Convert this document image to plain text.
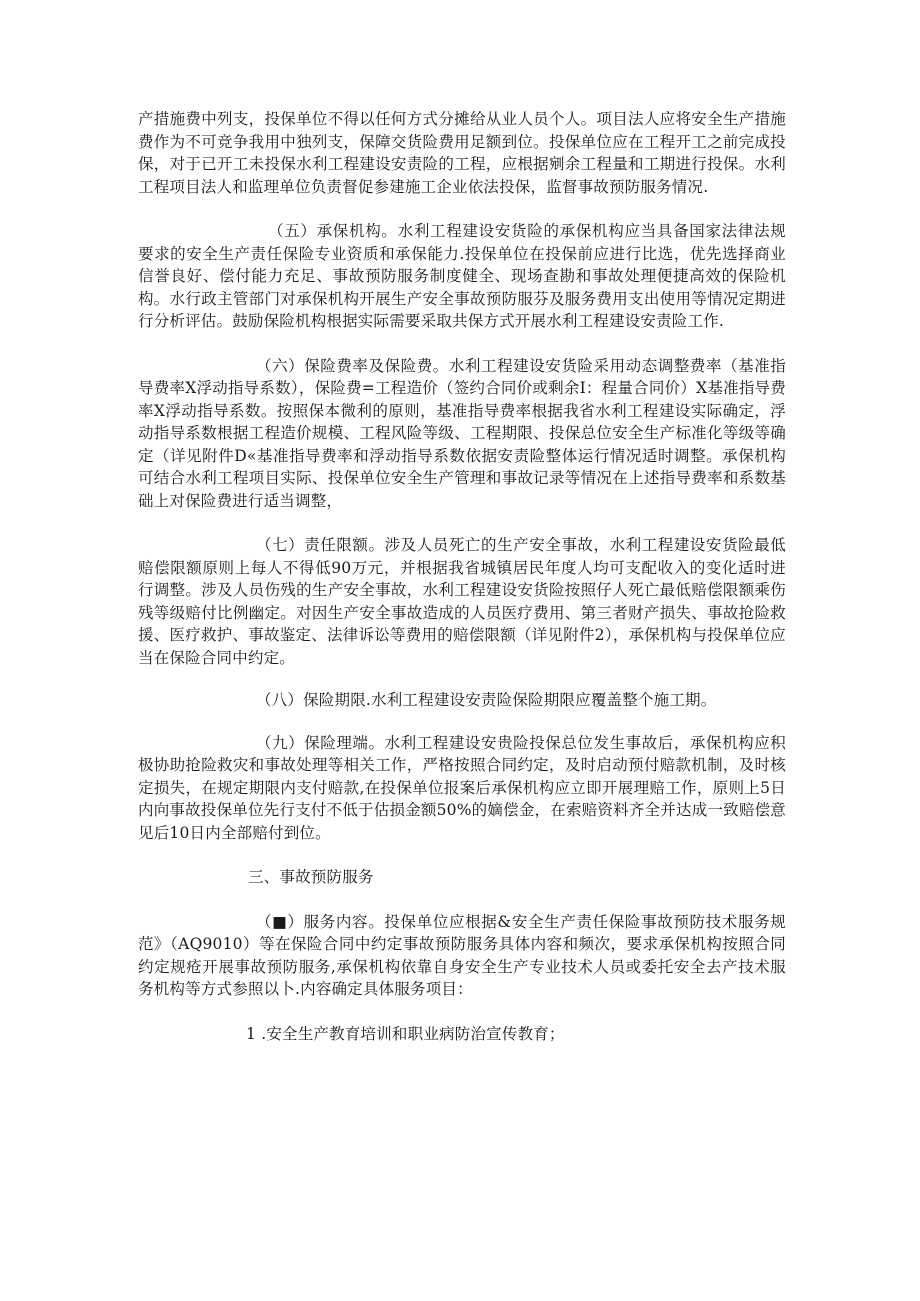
产措施费中列支，投保单位不得以任何方式分摊给从业人员个人。项目法人应将安全生产措施费作为不可竞争我用中独列支，保障交货险费用足额到位。投保单位应在工程开工之前完成投保，对于已开工未投保水利工程建设安责险的工程，应根据剜余工程量和工期进行投保。水利工程项目法人和监理单位负责督促参建施工企业依法投保，监督事故预防服务情况.

（五）承保机构。水利工程建设安货险的承保机构应当具备国家法律法规要求的安全生产责任保险专业资质和承保能力.投保单位在投保前应进行比选，优先选择商业信誉良好、偿付能力充足、事故预防服务制度健全、现场查勘和事故处理便捷高效的保险机构。水行政主管部门对承保机构开展生产安全事故预防服芬及服务费用支出使用等情况定期进行分析评估。鼓励保险机构根据实际需要采取共保方式开展水利工程建设安责险工作.

（六）保险费率及保险费。水利工程建设安货险采用动态调整费率（基准指导费率X浮动指导系数），保险费=工程造价（签约合同价或剩余I：程量合同价）X基准指导费率X浮动指导系数。按照保本微利的原则，基准指导费率根据我省水利工程建设实际确定，浮动指导系数根据工程造价规模、工程风险等级、工程期限、投保总位安全生产标准化等级等确定（详见附件D«基准指导费率和浮动指导系数依据安责险整体运行情况适时调整。承保机构可结合水利工程项目实际、投保单位安全生产管理和事故记录等情况在上述指导费率和系数基础上对保险费进行适当调整，

（七）责任限额。涉及人员死亡的生产安全事故，水利工程建设安货险最低赔偿限额原则上每人不得低90万元，并根据我省城镇居民年度人均可支配收入的变化适时进行调整。涉及人员伤残的生产安全事故，水利工程建设安货险按照仔人死亡最低赔偿限额乘伤残等级赔付比例幽定。对因生产安全事故造成的人员医疗费用、第三者财产损失、事故抢险救援、医疗救护、事故鉴定、法律诉讼等费用的赔偿限额（详见附件2），承保机构与投保单位应当在保险合同中约定。

（八）保险期限.水利工程建设安责险保险期限应覆盖整个施工期。

（九）保险理端。水利工程建设安贵险投保总位发生事故后，承保机构应积极协助抢险救灾和事故处理等相关工作，严格按照合同约定，及时启动预付赔款机制，及时核定损失，在规定期限内支付赔款,在投保单位报案后承保机构应立即开展理赔工作，原则上5日内向事故投保单位先行支付不低于估损金额50%的嫡偿金，在索赔资料齐全并达成一致赔偿意见后10日内全部赔付到位。

三、事故预防服务

（■）服务内容。投保单位应根据&安全生产责任保险事故预防技术服务规范》（AQ9010）等在保险合同中约定事故预防服务具体内容和频次，要求承保机构按照合同约定规疮开展事故预防服务,承保机构依靠自身安全生产专业技术人员或委托安全去产技术服务机构等方式参照以卜.内容确定具体服务项目：

1 .安全生产教育培训和职业病防治宣传教育；
